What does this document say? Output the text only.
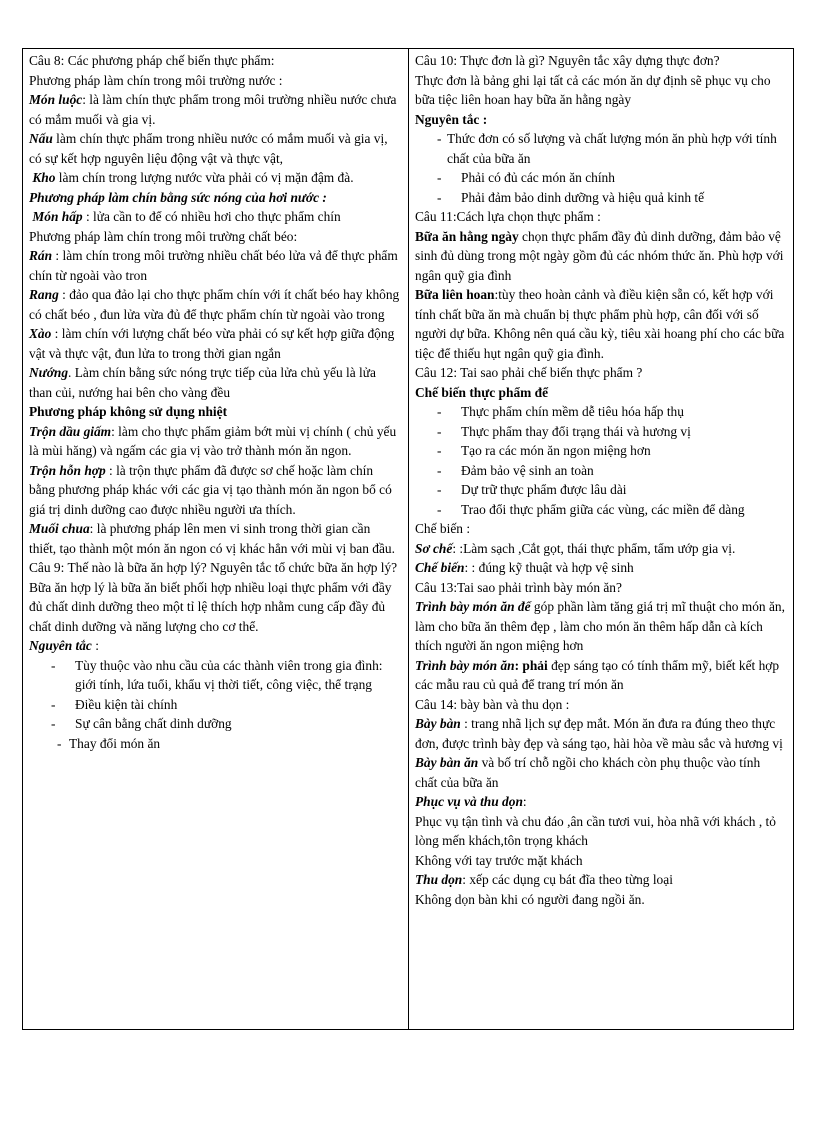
Câu 8: Các phương pháp chế biến thực phẩm:

Phương pháp làm chín trong môi trường nước :

Món luộc: là làm chín thực phẩm trong môi trường nhiều nước chưa có mắm muối và gia vị.

Nấu làm chín thực phẩm trong nhiều nước có mắm muối và gia vị, có sự kết hợp nguyên liệu động vật và thực vật,

Kho làm chín trong lượng nước vừa phải có vị mặn đậm đà.

Phương pháp làm chín bằng sức nóng của hơi nước :

Món hấp : lửa cần to để có nhiều hơi cho thực phẩm chín

Phương pháp làm chín trong môi trường chất béo:

Rán : làm chín trong môi trường nhiều chất béo lửa vả để thực phẩm chín từ ngoài vào tron

Rang : đảo qua đảo lại cho thực phẩm chín với ít chất béo hay không có chất béo , đun lửa vừa đủ để thực phẩm chín từ ngoài vào trong

Xào : làm chín với lượng chất béo vừa phải có sự kết hợp giữa động vật và thực vật, đun lửa to trong thời gian ngắn

Nướng. Làm chín bằng sức nóng trực tiếp của lửa chủ yếu là lửa than củi, nướng hai bên cho vàng đều

Phương pháp không sử dụng nhiệt

Trộn dầu giấm: làm cho thực phẩm giảm bớt mùi vị chính ( chủ yếu là mùi hăng) và ngấm các gia vị vào trở thành món ăn ngon.

Trộn hỗn hợp : là trộn thực phẩm đã được sơ chế hoặc làm chín bằng phương pháp khác với các gia vị tạo thành món ăn ngon bổ có giá trị dinh dưỡng cao được nhiều người ưa thích.

Muối chua: là phương pháp lên men vi sinh trong thời gian cần thiết, tạo thành một món ăn ngon có vị khác hẳn với mùi vị ban đầu.

Câu 9: Thế nào là bữa ăn hợp lý? Nguyên tắc tổ chức bữa ăn hợp lý?

Bữa ăn hợp lý là bữa ăn biết phối hợp nhiều loại thực phẩm với đầy đủ chất dinh dưỡng theo một tỉ lệ thích hợp nhằm cung cấp đầy đủ chất dinh dưỡng và năng lượng cho cơ thể.

Nguyên tắc :

-	Tùy thuộc vào nhu cầu của các thành viên trong gia đình: giới tính, lứa tuổi, khẩu vị thời tiết, công việc, thể trạng
-	Điều kiện tài chính
-	Sự cân bằng chất dinh dưỡng
- Thay đổi món ăn

Câu 10: Thực đơn là gì? Nguyên tắc xây dựng thực đơn?

Thực đơn là bảng ghi lại tất cả các món ăn dự định sẽ phục vụ cho bữa tiệc liên hoan hay bữa ăn hằng ngày

Nguyên tắc :

- Thức đơn có số lượng và chất lượng món ăn phù hợp với tính chất của bữa ăn
-	Phải có đủ các món ăn chính
-	Phải đảm bảo dinh dưỡng và hiệu quả kinh tế

Câu 11:Cách lựa chọn thực phẩm :

Bữa ăn hằng ngày chọn thực phẩm đầy đủ dinh dưỡng, đảm bảo vệ sinh đủ dùng trong một ngày gồm đủ các nhóm thức ăn. Phù hợp với ngân quỹ gia đình

Bữa liên hoan:tùy theo hoàn cảnh và điều kiện sẵn có, kết hợp với tính chất bữa ăn mà chuẩn bị thực phẩm phù hợp, cân đối với số người dự bữa. Không nên quá cầu kỳ, tiêu xài hoang phí cho các bữa tiệc để thiếu hụt ngân quỹ gia đình.

Câu 12: Tai sao phải chế biến thực phẩm ?

Chế biến thực phẩm để

-	Thực phẩm chín mềm dễ tiêu hóa hấp thụ
-	Thực phẩm thay đổi trạng thái và hương vị
-	Tạo ra các món ăn ngon miệng hơn
-	Đảm bảo vệ sinh an toàn
-	Dự trữ thực phẩm được lâu dài
-	Trao đổi thực phẩm giữa các vùng, các miền để dàng

Chế biến :

Sơ chế: :Làm sạch ,Cắt gọt, thái thực phẩm, tẩm ướp gia vị.

Chế biến: : đúng kỹ thuật và hợp vệ sinh

Câu 13:Tai sao phải trình bày món ăn?

Trình bày món ăn để góp phần làm tăng giá trị mĩ thuật cho món ăn, làm cho bữa ăn thêm đẹp , làm cho món ăn thêm hấp dẫn cà kích thích người ăn ngon miệng hơn

Trình bày món ăn: phải đẹp sáng tạo có tính thẩm mỹ, biết kết hợp các mẫu rau củ quả để trang trí món ăn

Câu 14: bày bàn và thu dọn :

Bày bàn : trang nhã lịch sự đẹp mắt. Món ăn đưa ra đúng theo thực đơn, được trình bày đẹp và sáng tạo, hài hòa về màu sắc và hương vị

Bày bàn ăn và bố trí chỗ ngồi cho khách còn phụ thuộc vào tính chất của bữa ăn

Phục vụ và thu dọn:

Phục vụ tận tình và chu đáo ,ân cần tươi vui, hòa nhã với khách , tỏ lòng mến khách,tôn trọng khách

Không với tay trước mặt khách

Thu dọn: xếp các dụng cụ bát đĩa theo từng loại

Không dọn bàn khi có người đang ngồi ăn.
